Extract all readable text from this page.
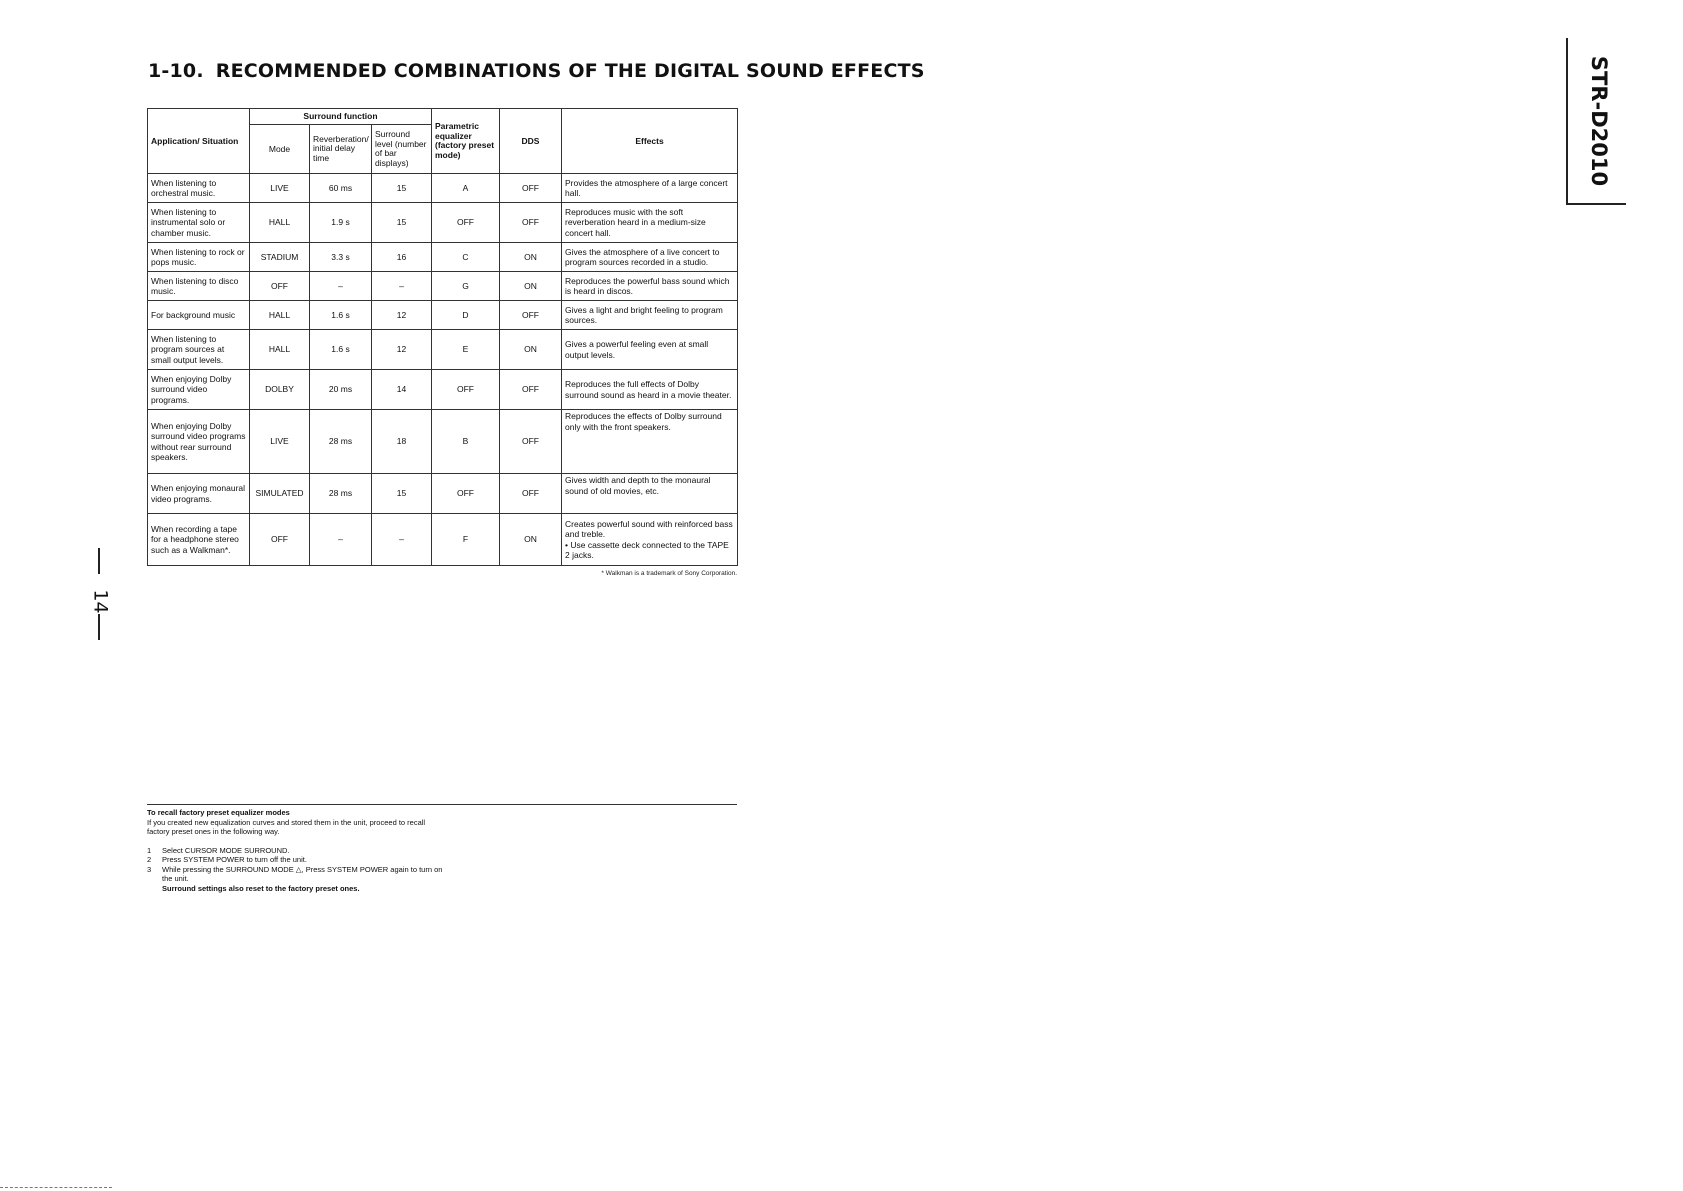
1-10. RECOMMENDED COMBINATIONS OF THE DIGITAL SOUND EFFECTS
Application/ Situation	Surround function			Parametric equalizer (factory preset mode)	DDS	Effects
	Mode	Reverberation/ initial delay time	Surround level (number of bar displays)			
When listening to orchestral music.	LIVE	60 ms	15	A	OFF	Provides the atmosphere of a large concert hall.
When listening to instrumental solo or chamber music.	HALL	1.9 s	15	OFF	OFF	Reproduces music with the soft reverberation heard in a medium-size concert hall.
When listening to rock or pops music.	STADIUM	3.3 s	16	C	ON	Gives the atmosphere of a live concert to program sources recorded in a studio.
When listening to disco music.	OFF	–	–	G	ON	Reproduces the powerful bass sound which is heard in discos.
For background music	HALL	1.6 s	12	D	OFF	Gives a light and bright feeling to program sources.
When listening to program sources at small output levels.	HALL	1.6 s	12	E	ON	Gives a powerful feeling even at small output levels.
When enjoying Dolby surround video programs.	DOLBY	20 ms	14	OFF	OFF	Reproduces the full effects of Dolby surround sound as heard in a movie theater.
When enjoying Dolby surround video programs without rear surround speakers.	LIVE	28 ms	18	B	OFF	Reproduces the effects of Dolby surround only with the front speakers.
When enjoying monaural video programs.	SIMULATED	28 ms	15	OFF	OFF	Gives width and depth to the monaural sound of old movies, etc.
When recording a tape for a headphone stereo such as a Walkman*.	OFF	–	–	F	ON	Creates powerful sound with reinforced bass and treble.
• Use cassette deck connected to the TAPE 2 jacks.
* Walkman is a trademark of Sony Corporation.

To recall factory preset equalizer modes

If you created new equalization curves and stored them in the unit, proceed to recall factory preset ones in the following way.

1 Select CURSOR MODE SURROUND.
2 Press SYSTEM POWER to turn off the unit.
3 While pressing the SURROUND MODE △, Press SYSTEM POWER again to turn on the unit.

Surround settings also reset to the factory preset ones.

14
STR-D2010
